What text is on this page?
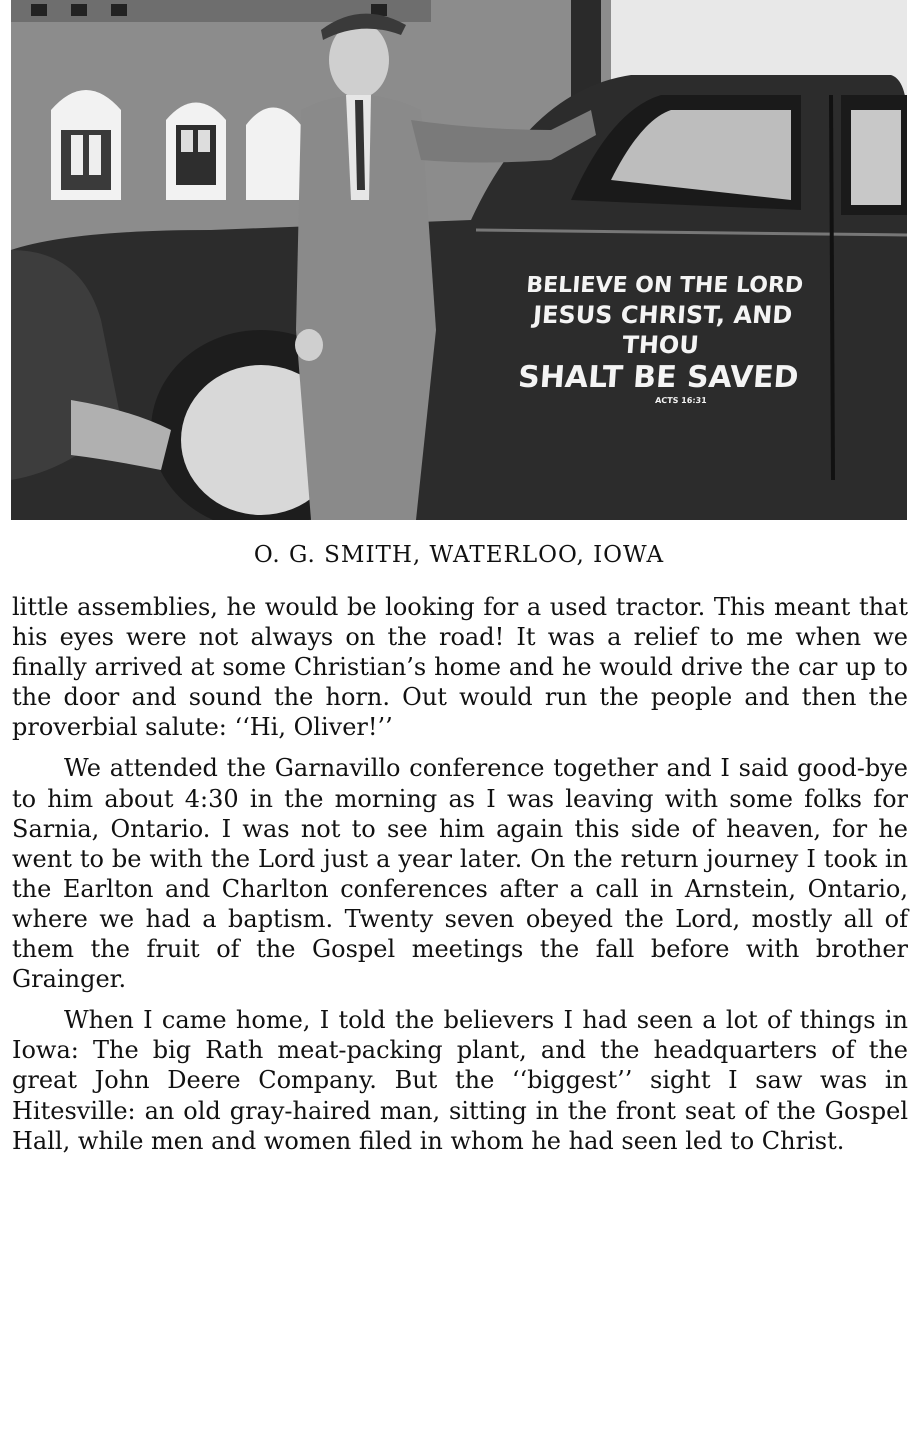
BELIEVE ON THE LORD
JESUS CHRIST, AND THOU
SHALT BE SAVED
ACTS 16:31
O. G. SMITH, WATERLOO, IOWA

little assemblies, he would be looking for a used tractor. This meant that his eyes were not always on the road! It was a relief to me when we finally arrived at some Christian’s home and he would drive the car up to the door and sound the horn. Out would run the people and then the proverbial salute: ‘‘Hi, Oliver!’’

We attended the Garnavillo conference together and I said good-bye to him about 4:30 in the morning as I was leaving with some folks for Sarnia, Ontario. I was not to see him again this side of heaven, for he went to be with the Lord just a year later. On the return journey I took in the Earlton and Charlton conferences after a call in Arnstein, Ontario, where we had a baptism. Twenty seven obeyed the Lord, mostly all of them the fruit of the Gospel meetings the fall before with brother Grainger.

When I came home, I told the believers I had seen a lot of things in Iowa: The big Rath meat-packing plant, and the headquarters of the great John Deere Company. But the ‘‘biggest’’ sight I saw was in Hitesville: an old gray-haired man, sitting in the front seat of the Gospel Hall, while men and women filed in whom he had seen led to Christ.
